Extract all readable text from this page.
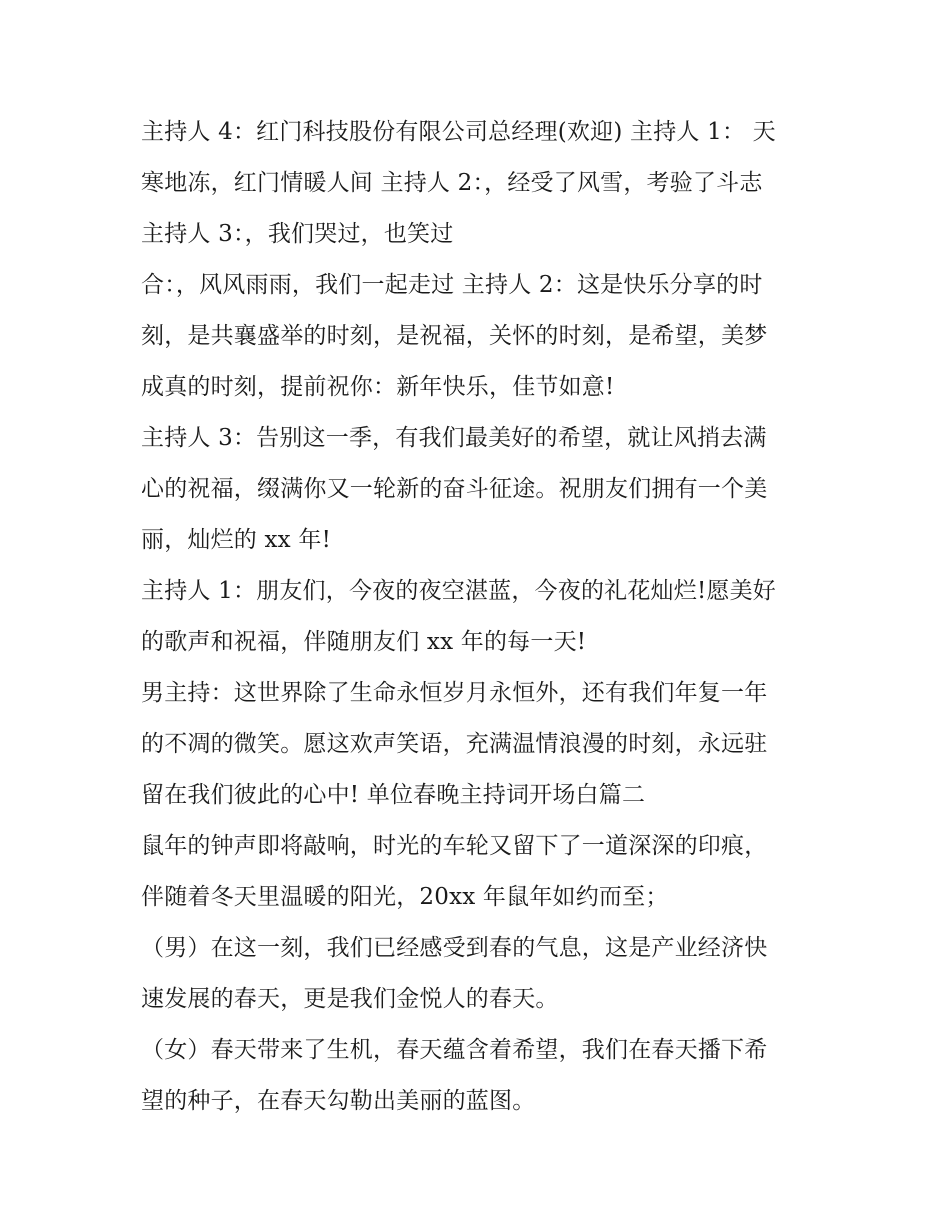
主持人 4：红门科技股份有限公司总经理(欢迎) 主持人 1： 天
寒地冻，红门情暖人间 主持人 2：，经受了风雪，考验了斗志
主持人 3：，我们哭过，也笑过
合：，风风雨雨，我们一起走过 主持人 2：这是快乐分享的时
刻，是共襄盛举的时刻，是祝福，关怀的时刻，是希望，美梦
成真的时刻，提前祝你：新年快乐，佳节如意!
主持人 3：告别这一季，有我们最美好的希望，就让风捎去满
心的祝福，缀满你又一轮新的奋斗征途。祝朋友们拥有一个美
丽，灿烂的 xx 年!
主持人 1：朋友们，今夜的夜空湛蓝，今夜的礼花灿烂!愿美好
的歌声和祝福，伴随朋友们 xx 年的每一天!
男主持：这世界除了生命永恒岁月永恒外，还有我们年复一年
的不凋的微笑。愿这欢声笑语，充满温情浪漫的时刻，永远驻
留在我们彼此的心中! 单位春晚主持词开场白篇二
鼠年的钟声即将敲响，时光的车轮又留下了一道深深的印痕，
伴随着冬天里温暖的阳光，20xx 年鼠年如约而至；
（男）在这一刻，我们已经感受到春的气息，这是产业经济快
速发展的春天，更是我们金悦人的春天。
（女）春天带来了生机，春天蕴含着希望，我们在春天播下希
望的种子，在春天勾勒出美丽的蓝图。
